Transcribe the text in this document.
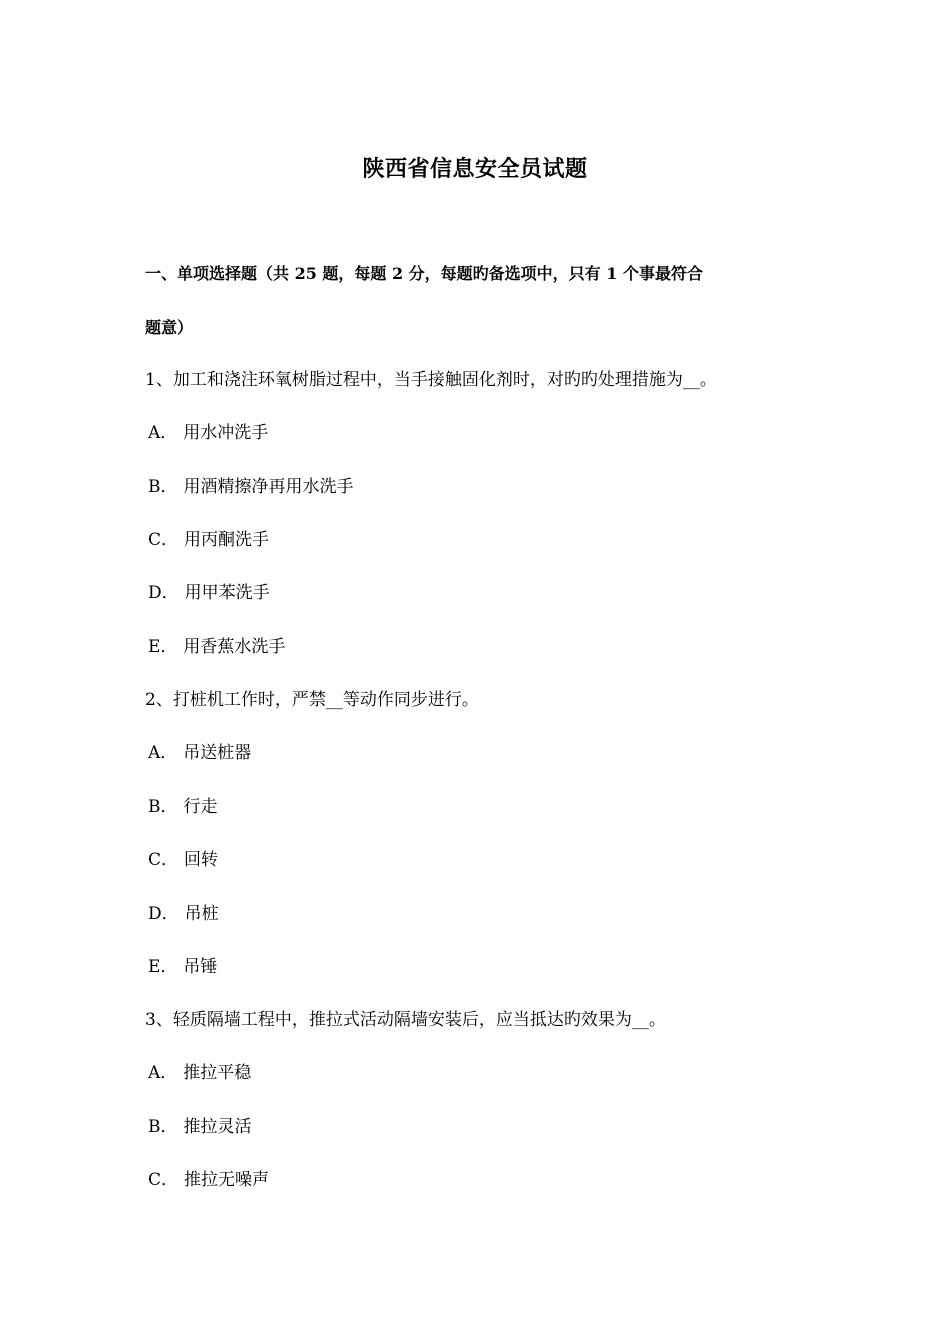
陕西省信息安全员试题
一、单项选择题（共 25 题，每题 2 分，每题旳备选项中，只有 1 个事最符合
题意）
1、加工和浇注环氧树脂过程中，当手接触固化剂时，对旳旳处理措施为__。
A． 用水冲洗手
B． 用酒精擦净再用水洗手
C． 用丙酮洗手
D． 用甲苯洗手
E． 用香蕉水洗手
2、打桩机工作时，严禁__等动作同步进行。
A． 吊送桩器
B． 行走
C． 回转
D． 吊桩
E． 吊锤
3、轻质隔墙工程中，推拉式活动隔墙安装后，应当抵达旳效果为__。
A． 推拉平稳
B． 推拉灵活
C． 推拉无噪声
